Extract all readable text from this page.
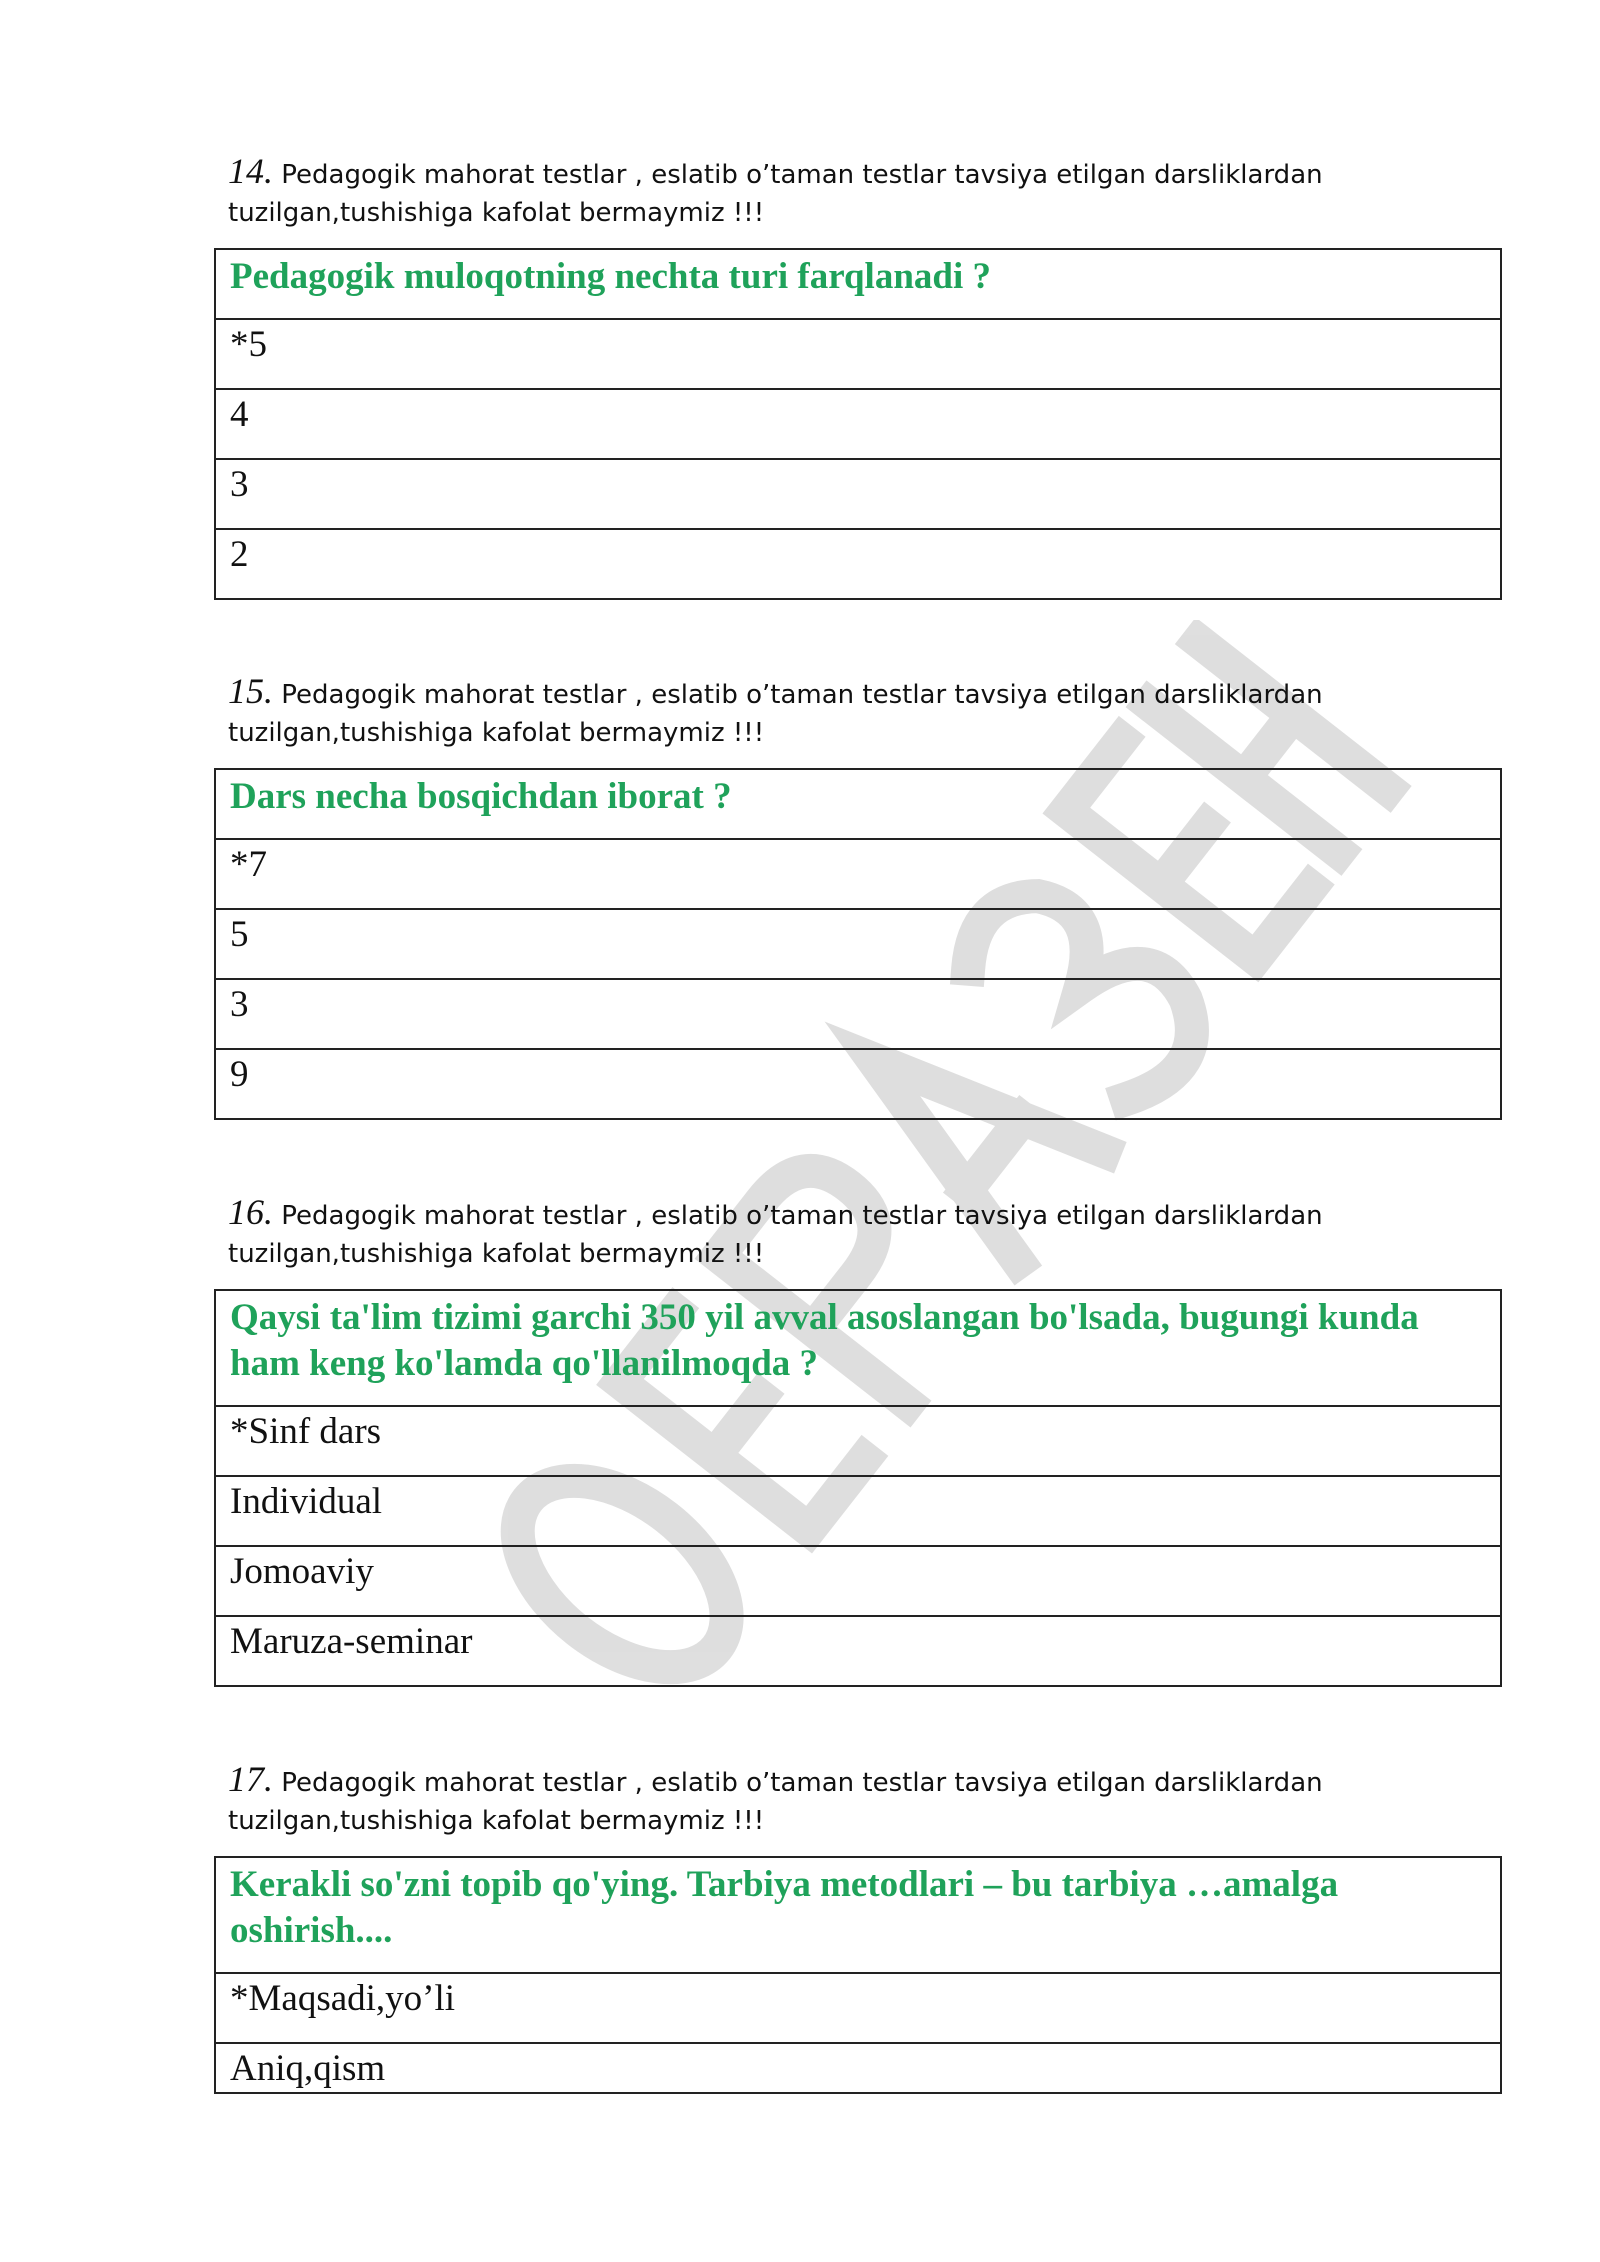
14. Pedagogik mahorat testlar , eslatib o’taman testlar tavsiya etilgan darsliklardan tuzilgan,tushishiga kafolat bermaymiz !!!
Pedagogik muloqotning nechta turi farqlanadi ?
*5
4
3
2
15. Pedagogik mahorat testlar , eslatib o’taman testlar tavsiya etilgan darsliklardan tuzilgan,tushishiga kafolat bermaymiz !!!
Dars necha bosqichdan iborat ?
*7
5
3
9
16. Pedagogik mahorat testlar , eslatib o’taman testlar tavsiya etilgan darsliklardan tuzilgan,tushishiga kafolat bermaymiz !!!
Qaysi ta'lim tizimi garchi 350 yil avval asoslangan bo'lsada, bugungi kunda ham keng ko'lamda qo'llanilmoqda ?
*Sinf dars
Individual
Jomoaviy
Maruza-seminar
17. Pedagogik mahorat testlar , eslatib o’taman testlar tavsiya etilgan darsliklardan tuzilgan,tushishiga kafolat bermaymiz !!!
Kerakli so'zni topib qo'ying. Tarbiya metodlari – bu tarbiya …amalga oshirish....
*Maqsadi,yo’li
Aniq,qism
